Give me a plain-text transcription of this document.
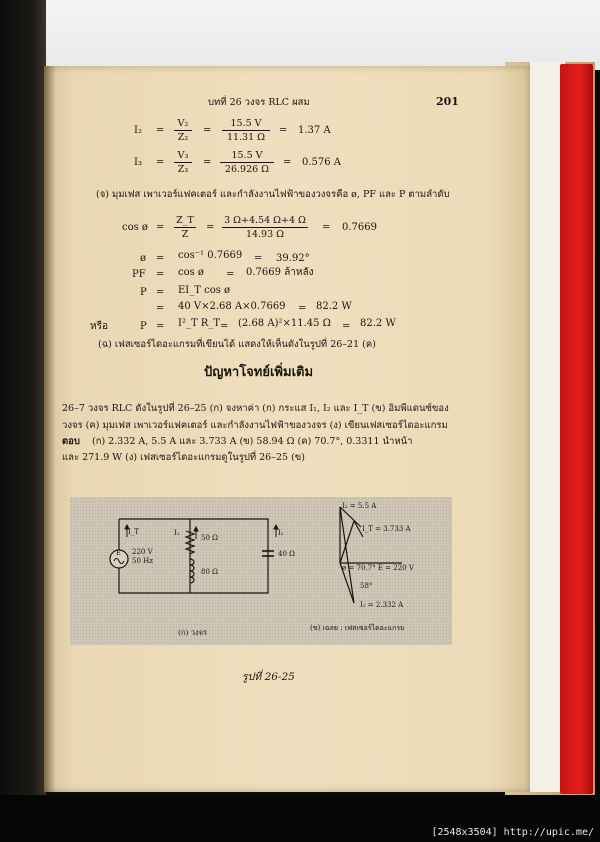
บทที่ 26 วงจร RLC ผสม	201
$I_2 = \frac{\text{V₂}}{\text{Z₂}} = \frac{15.5 V}{11.31 \Omega} = 1.37$ A
$I_3 = \frac{\text{V₃}}{\text{Z₃}} = \frac{15.5 V}{26.926 \Omega} = 0.576$ A
(จ) มุมเฟส เพาเวอร์แฟคเตอร์ และกำลังงานไฟฟ้าของวงจรคือ ø, PF และ P ตามลำดับ
cos ø = $\frac{Z\_T}{Z} = \frac{3 \Omega+4.54 \Omega+4 \Omega}{14.93 \Omega} = 0.7669$
ø = cos⁻¹ 0.7669 = 39.92°
PF = cos ø = 0.7669 ล้าหลัง
P = EI_T cos ø
= 40 V×2.68 A×0.7669 = 82.2 W
หรือ	P = I²_T R_T = (2.68 A)²×11.45 Ω = 82.2 W
(ฉ) เฟสเซอร์ไดอะแกรมที่เขียนได้ แสดงให้เห็นดังในรูปที่ 26–21 (ค)
ปัญหาโจทย์เพิ่มเติม
26–7 วงจร RLC ดังในรูปที่ 26–25 (ก) จงหาค่า (ก) กระแส I₁, I₂ และ I_T (ข) อิมพีแดนซ์ของ
วงจร (ค) มุมเฟส เพาเวอร์แฟคเตอร์ และกำลังงานไฟฟ้าของวงจร (ง) เขียนเฟสเซอร์ไดอะแกรม
ตอบ (ก) 2.332 A, 5.5 A และ 3.733 A (ข) 58.94 Ω (ค) 70.7°, 0.3311 นำหน้า
และ 271.9 W (ง) เฟสเซอร์ไดอะแกรมดูในรูปที่ 26–25 (ข)
I_T	I₁	I₂
E 220 V
50 Hz
50 Ω
80 Ω
40 Ω
(ก) วงจร
I₂ = 5.5 A
I_T = 3.733 A
ø = 70.7° E = 220 V
58°
I₁ = 2.332 A
(ข) เฉลย : เฟสเซอร์ไดอะแกรม
รูปที่ 26-25
[2548x3504] http://upic.me/
